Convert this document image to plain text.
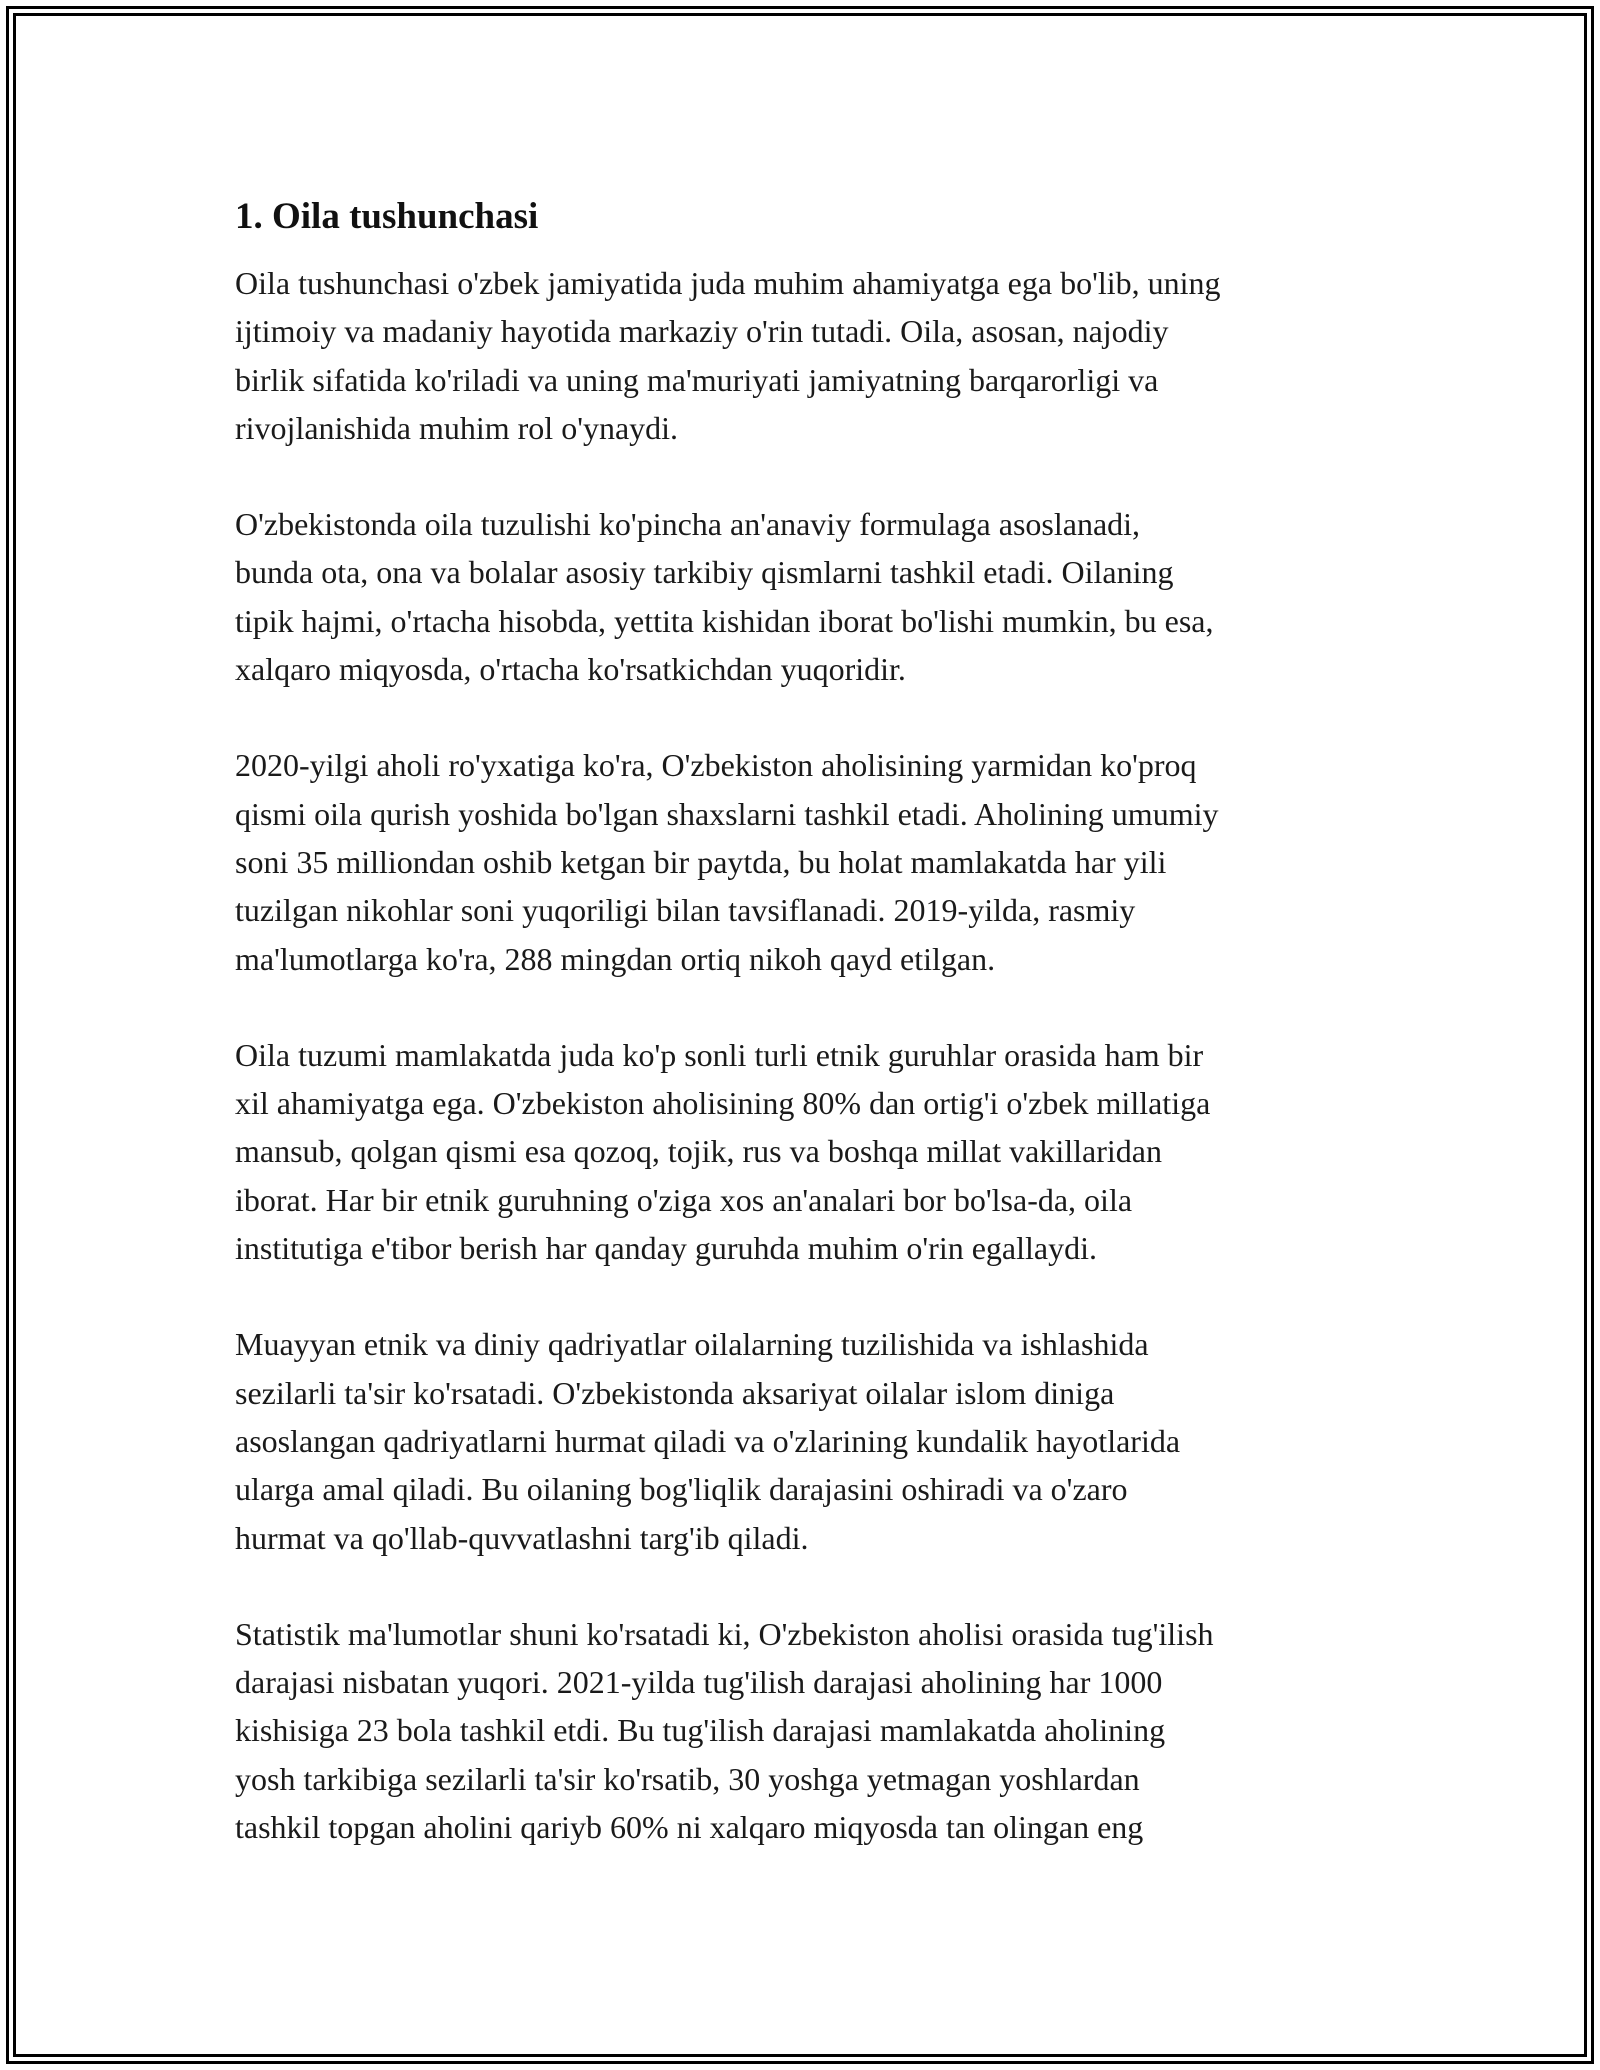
1. Oila tushunchasi

Oila tushunchasi o'zbek jamiyatida juda muhim ahamiyatga ega bo'lib, uning
ijtimoiy va madaniy hayotida markaziy o'rin tutadi. Oila, asosan, najodiy
birlik sifatida ko'riladi va uning ma'muriyati jamiyatning barqarorligi va
rivojlanishida muhim rol o'ynaydi.

O'zbekistonda oila tuzulishi ko'pincha an'anaviy formulaga asoslanadi,
bunda ota, ona va bolalar asosiy tarkibiy qismlarni tashkil etadi. Oilaning
tipik hajmi, o'rtacha hisobda, yettita kishidan iborat bo'lishi mumkin, bu esa,
xalqaro miqyosda, o'rtacha ko'rsatkichdan yuqoridir.

2020-yilgi aholi ro'yxatiga ko'ra, O'zbekiston aholisining yarmidan ko'proq
qismi oila qurish yoshida bo'lgan shaxslarni tashkil etadi. Aholining umumiy
soni 35 milliondan oshib ketgan bir paytda, bu holat mamlakatda har yili
tuzilgan nikohlar soni yuqoriligi bilan tavsiflanadi. 2019-yilda, rasmiy
ma'lumotlarga ko'ra, 288 mingdan ortiq nikoh qayd etilgan.

Oila tuzumi mamlakatda juda ko'p sonli turli etnik guruhlar orasida ham bir
xil ahamiyatga ega. O'zbekiston aholisining 80% dan ortig'i o'zbek millatiga
mansub, qolgan qismi esa qozoq, tojik, rus va boshqa millat vakillaridan
iborat. Har bir etnik guruhning o'ziga xos an'analari bor bo'lsa-da, oila
institutiga e'tibor berish har qanday guruhda muhim o'rin egallaydi.

Muayyan etnik va diniy qadriyatlar oilalarning tuzilishida va ishlashida
sezilarli ta'sir ko'rsatadi. O'zbekistonda aksariyat oilalar islom diniga
asoslangan qadriyatlarni hurmat qiladi va o'zlarining kundalik hayotlarida
ularga amal qiladi. Bu oilaning bog'liqlik darajasini oshiradi va o'zaro
hurmat va qo'llab-quvvatlashni targ'ib qiladi.

Statistik ma'lumotlar shuni ko'rsatadi ki, O'zbekiston aholisi orasida tug'ilish
darajasi nisbatan yuqori. 2021-yilda tug'ilish darajasi aholining har 1000
kishisiga 23 bola tashkil etdi. Bu tug'ilish darajasi mamlakatda aholining
yosh tarkibiga sezilarli ta'sir ko'rsatib, 30 yoshga yetmagan yoshlardan
tashkil topgan aholini qariyb 60% ni xalqaro miqyosda tan olingan eng
